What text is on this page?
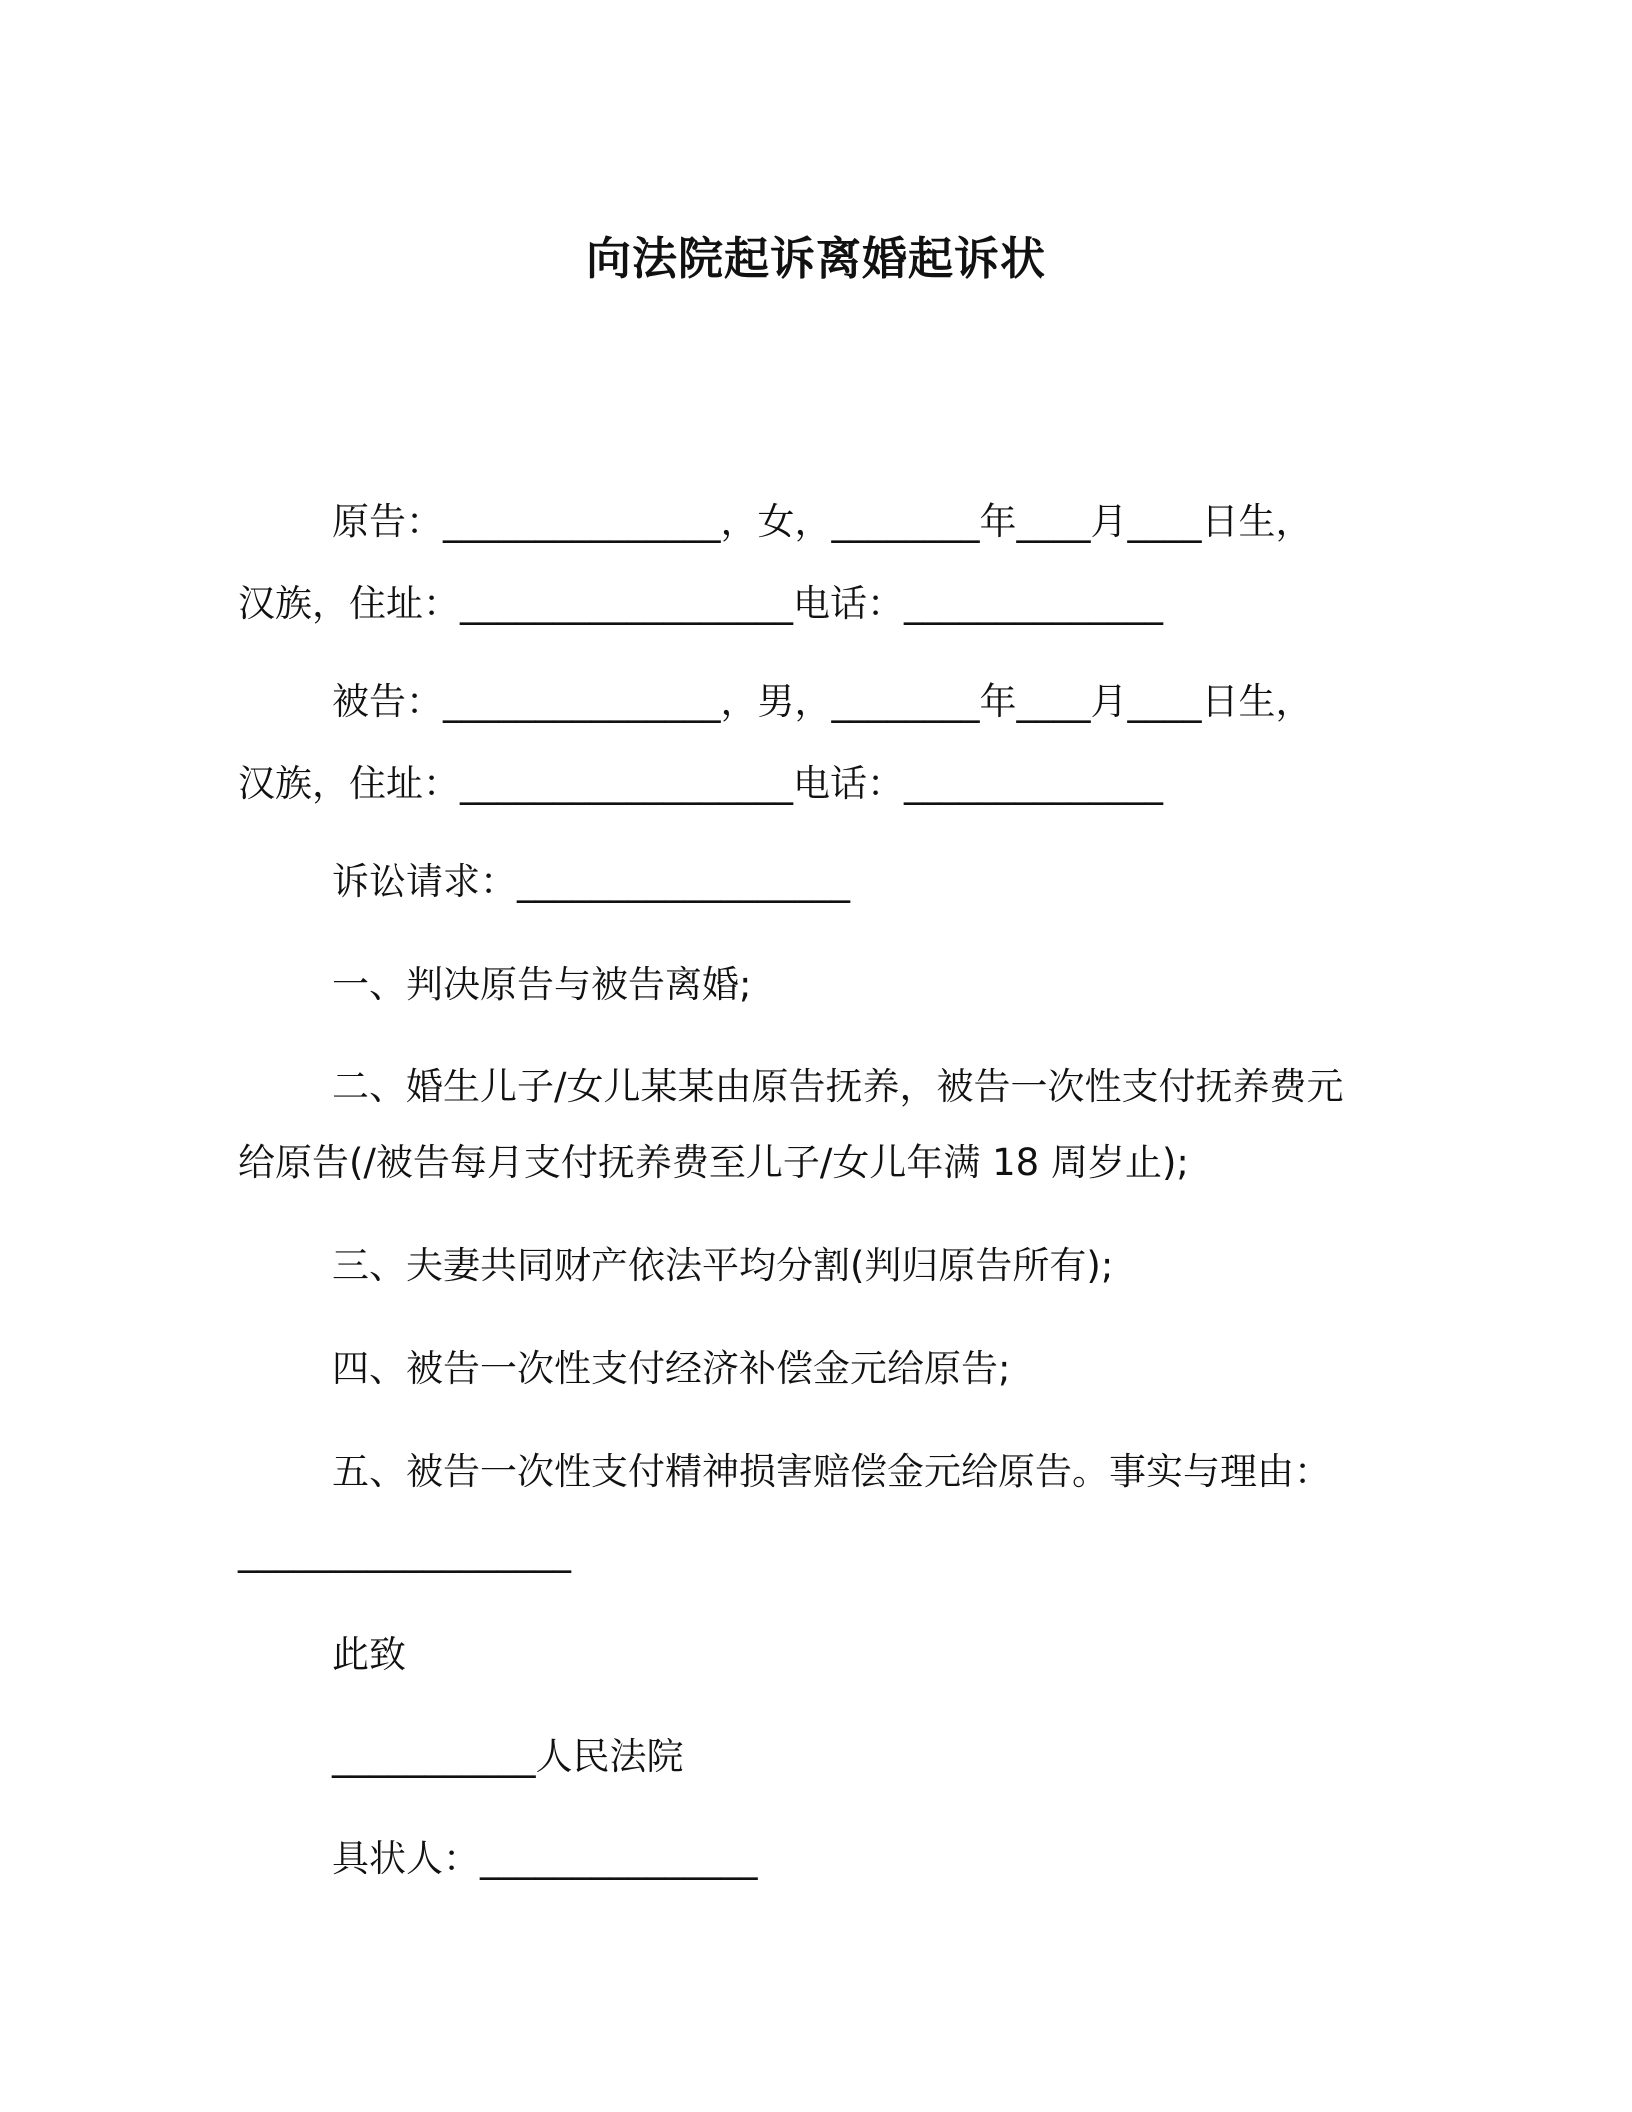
向法院起诉离婚起诉状
原告：_______________，女，________年____月____日生，
汉族，住址：__________________电话：______________
被告：_______________，男，________年____月____日生，
汉族，住址：__________________电话：______________
诉讼请求：__________________
一、判决原告与被告离婚;
二、婚生儿子/女儿某某由原告抚养，被告一次性支付抚养费元
给原告(/被告每月支付抚养费至儿子/女儿年满 18 周岁止);
三、夫妻共同财产依法平均分割(判归原告所有);
四、被告一次性支付经济补偿金元给原告;
五、被告一次性支付精神损害赔偿金元给原告。事实与理由：
__________________
此致
___________人民法院
具状人：_______________
